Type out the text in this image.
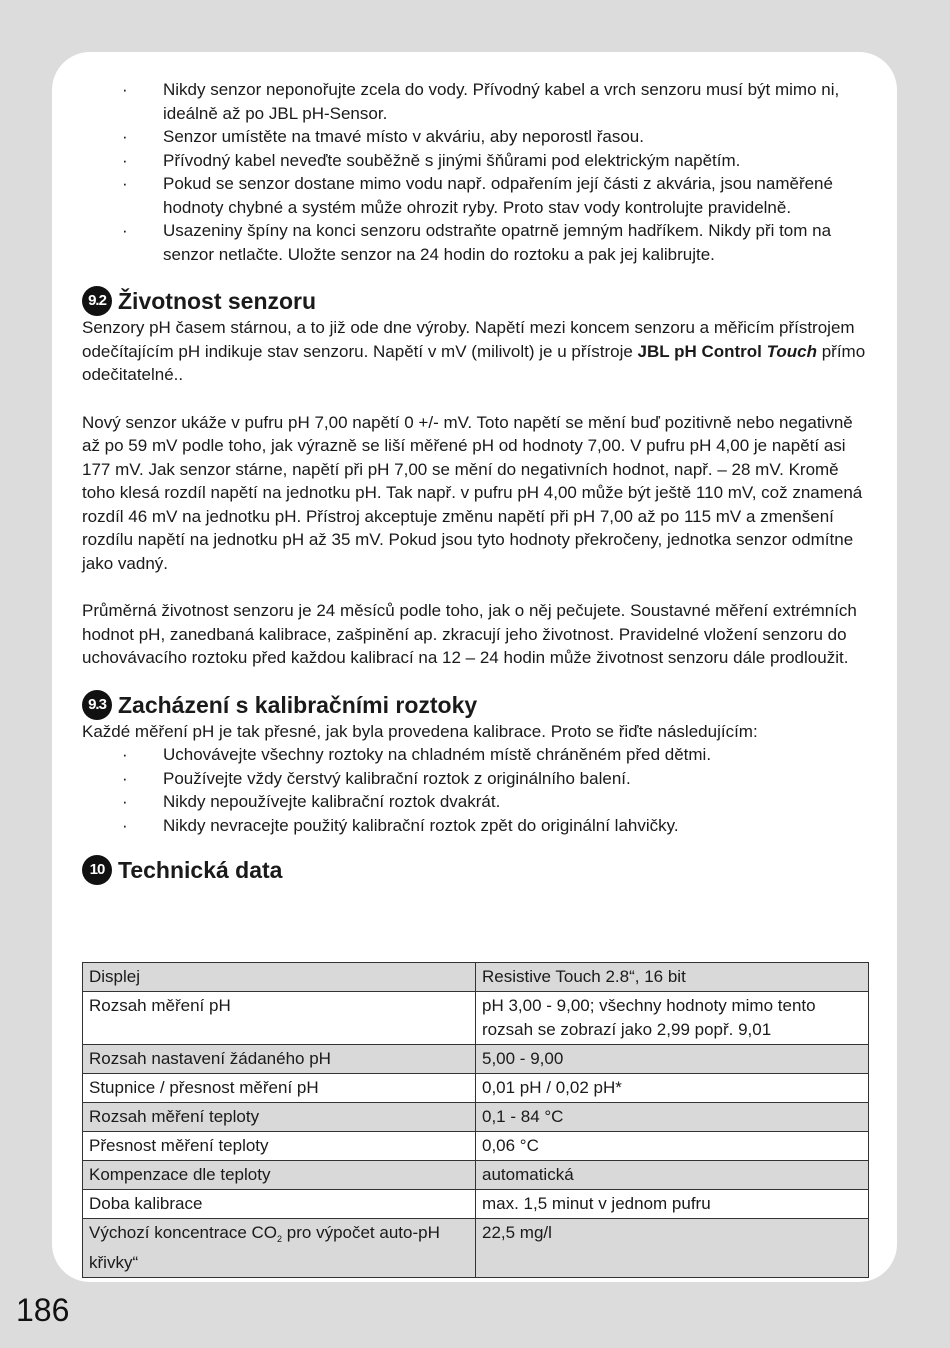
· Nikdy senzor neponořujte zcela do vody. Přívodný kabel a vrch senzoru musí být mimo ni, ideálně až po JBL pH-Sensor.
· Senzor umístěte na tmavé místo v akváriu, aby neporostl řasou.
· Přívodný kabel neveďte souběžně s jinými šňůrami pod elektrickým napětím.
· Pokud se senzor dostane mimo vodu např. odpařením její části z akvária, jsou naměřené hodnoty chybné a systém může ohrozit ryby. Proto stav vody kontrolujte pravidelně.
· Usazeniny špíny na konci senzoru odstraňte opatrně jemným hadříkem. Nikdy při tom na senzor netlačte. Uložte senzor na 24 hodin do roztoku a pak jej kalibrujte.
9.2 Životnost senzoru

Senzory pH časem stárnou, a to již ode dne výroby. Napětí mezi koncem senzoru a měřicím přístrojem odečítajícím pH indikuje stav senzoru. Napětí v mV (milivolt) je u přístroje JBL pH Control Touch přímo odečitatelné..

Nový senzor ukáže v pufru pH 7,00 napětí 0 +/- mV. Toto napětí se mění buď pozitivně nebo negativně až po 59 mV podle toho, jak výrazně se liší měřené pH od hodnoty 7,00. V pufru pH 4,00 je napětí asi 177 mV. Jak senzor stárne, napětí při pH 7,00 se mění do negativních hodnot, např. – 28 mV. Kromě toho klesá rozdíl napětí na jednotku pH. Tak např. v pufru pH 4,00 může být ještě 110 mV, což znamená rozdíl 46 mV na jednotku pH. Přístroj akceptuje změnu napětí při pH 7,00 až po 115 mV a zmenšení rozdílu napětí na jednotku pH až 35 mV. Pokud jsou tyto hodnoty překročeny, jednotka senzor odmítne jako vadný.

Průměrná životnost senzoru je 24 měsíců podle toho, jak o něj pečujete. Soustavné měření extrémních hodnot pH, zanedbaná kalibrace, zašpinění ap. zkracují jeho životnost. Pravidelné vložení senzoru do uchovávacího roztoku před každou kalibrací na 12 – 24 hodin může životnost senzoru dále prodloužit.

9.3 Zacházení s kalibračními roztoky

Každé měření pH je tak přesné, jak byla provedena kalibrace. Proto se řiďte následujícím:

· Uchovávejte všechny roztoky na chladném místě chráněném před dětmi.
· Používejte vždy čerstvý kalibrační roztok z originálního balení.
· Nikdy nepoužívejte kalibrační roztok dvakrát.
· Nikdy nevracejte použitý kalibrační roztok zpět do originální lahvičky.
10 Technická data
Displej	Resistive Touch 2.8“, 16 bit
Rozsah měření pH	pH 3,00 - 9,00; všechny hodnoty mimo tento rozsah se zobrazí jako 2,99 popř. 9,01
Rozsah nastavení žádaného pH	5,00 - 9,00
Stupnice / přesnost měření pH	0,01 pH / 0,02 pH*
Rozsah měření teploty	0,1 - 84 °C
Přesnost měření teploty	0,06 °C
Kompenzace dle teploty	automatická
Doba kalibrace	max. 1,5 minut v jednom pufru
Výchozí koncentrace $CO_2$ pro výpočet auto-pH křivky“	22,5 mg/l
186
